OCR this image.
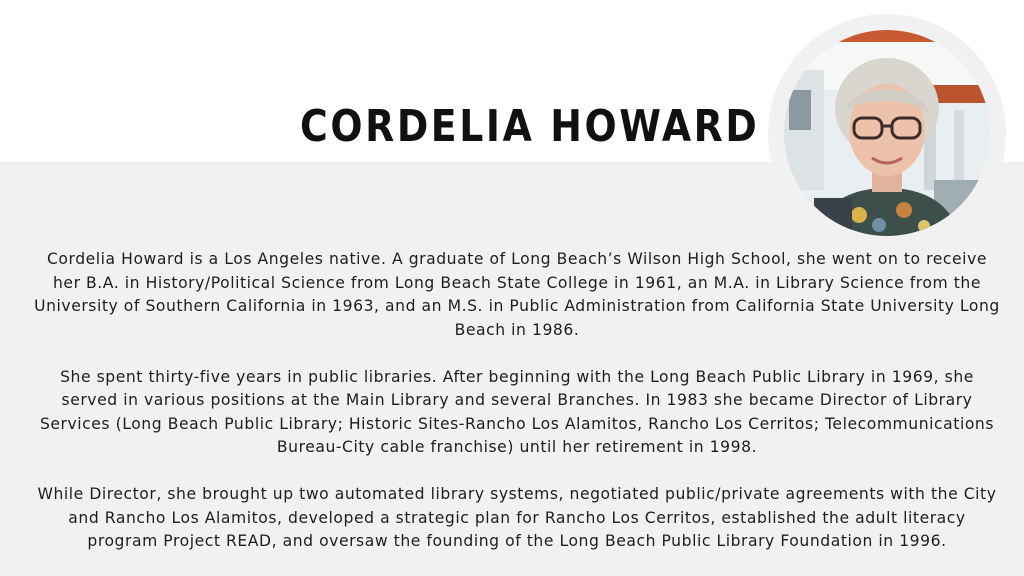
CORDELIA HOWARD

Cordelia Howard is a Los Angeles native. A graduate of Long Beach’s Wilson High School, she went on to receive her B.A. in History/Political Science from Long Beach State College in 1961, an M.A. in Library Science from the University of Southern California in 1963, and an M.S. in Public Administration from California State University Long Beach in 1986.

She spent thirty-five years in public libraries. After beginning with the Long Beach Public Library in 1969, she served in various positions at the Main Library and several Branches. In 1983 she became Director of Library Services (Long Beach Public Library; Historic Sites-Rancho Los Alamitos, Rancho Los Cerritos; Telecommunications Bureau-City cable franchise) until her retirement in 1998.

While Director, she brought up two automated library systems, negotiated public/private agreements with the City and Rancho Los Alamitos, developed a strategic plan for Rancho Los Cerritos, established the adult literacy program Project READ, and oversaw the founding of the Long Beach Public Library Foundation in 1996.
